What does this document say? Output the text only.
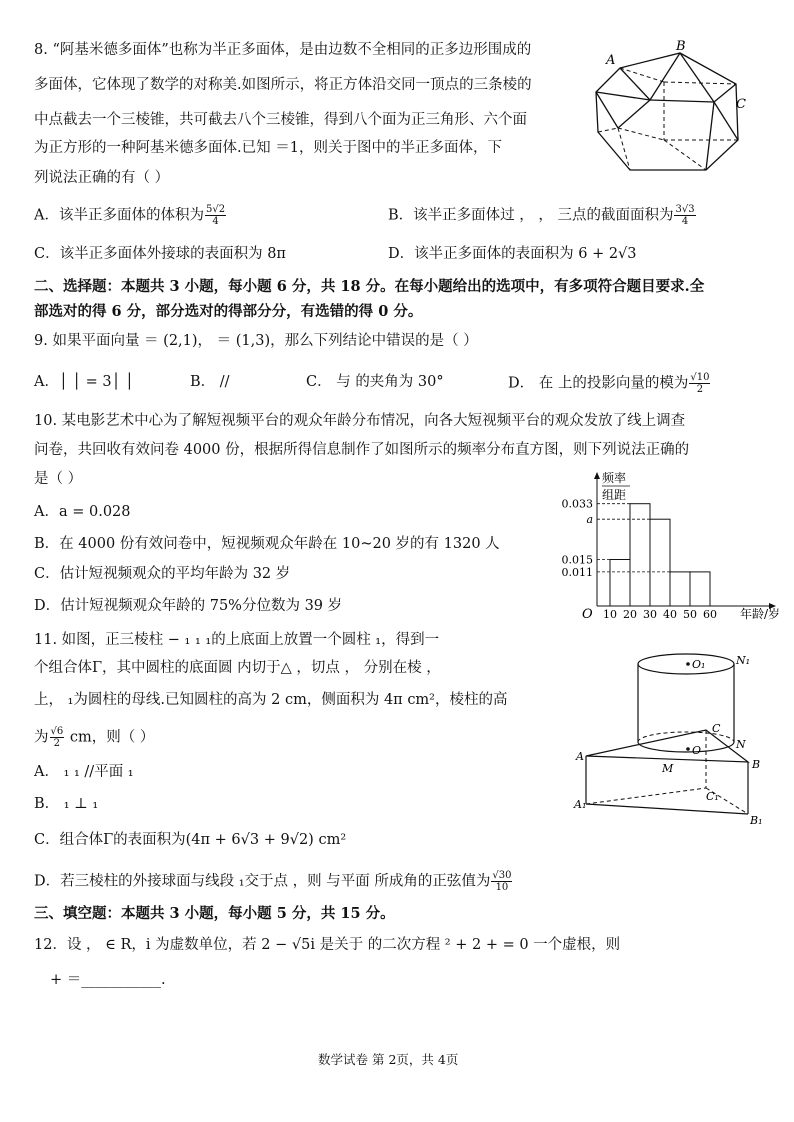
8. “阿基米德多面体”也称为半正多面体，是由边数不全相同的正多边形围成的
多面体，它体现了数学的对称美.如图所示，将正方体沿交同一顶点的三条棱的
中点截去一个三棱锥，共可截去八个三棱锥，得到八个面为正三角形、六个面
为正方形的一种阿基米德多面体.已知 ＝1，则关于图中的半正多面体，下
列说法正确的有（ ）
A．该半正多面体的体积为 $\frac{5√2}{4}$	B．该半正多面体过 ， ， 三点的截面面积为 $\frac{3√3}{4}$
C．该半正多面体外接球的表面积为 8π	D．该半正多面体的表面积为 6 + 2√3
A
B
C
二、选择题：本题共 3 小题，每小题 6 分，共 18 分。在每小题给出的选项中，有多项符合题目要求.全
部选对的得 6 分，部分选对的得部分分，有选错的得 0 分。
9. 如果平面向量 ＝ (2,1)， ＝ (1,3)，那么下列结论中错误的是（ ）
A．│ │ = 3│ │	B． //	C． 与 的夹角为 30°	D． 在 上的投影向量的模为 $\frac{√10}{2}$
10. 某电影艺术中心为了解短视频平台的观众年龄分布情况，向各大短视频平台的观众发放了线上调查
问卷，共回收有效问卷 4000 份，根据所得信息制作了如图所示的频率分布直方图，则下列说法正确的
是（ ）
A．a = 0.028
B．在 4000 份有效问卷中，短视频观众年龄在 10~20 岁的有 1320 人
C．估计短视频观众的平均年龄为 32 岁
D．估计短视频观众年龄的 75%分位数为 39 岁
频率
组距
O	年龄/岁
0.033
a
0.015
0.011
10 20 30 40 50 60
11. 如图，正三棱柱 − ₁ ₁ ₁的上底面上放置一个圆柱 ₁，得到一
个组合体Γ，其中圆柱的底面圆 内切于△ ，切点 ， 分别在棱 ，
上， ₁为圆柱的母线.已知圆柱的高为 2 cm，侧面积为 4π cm²，棱柱的高
为 $\frac{√6}{2}$ cm，则（ ）
A． ₁ ₁ //平面 ₁
B． ₁ ⊥ ₁
C．组合体Γ的表面积为(4π + 6√3 + 9√2) cm²
D．若三棱柱的外接球面与线段 ₁交于点 ，则 与平面 所成角的正弦值为 $\frac{√30}{10}$
O₁	N₁
C
A
N
O
M	B
C₁
A₁
B₁
三、填空题：本题共 3 小题，每小题 5 分，共 15 分。
12．设 ， ∈ R，i 为虚数单位，若 2 − √5i 是关于 的二次方程 ² + 2 + = 0 一个虚根，则
+ ＝___________.
数学试卷 第 2页，共 4页
